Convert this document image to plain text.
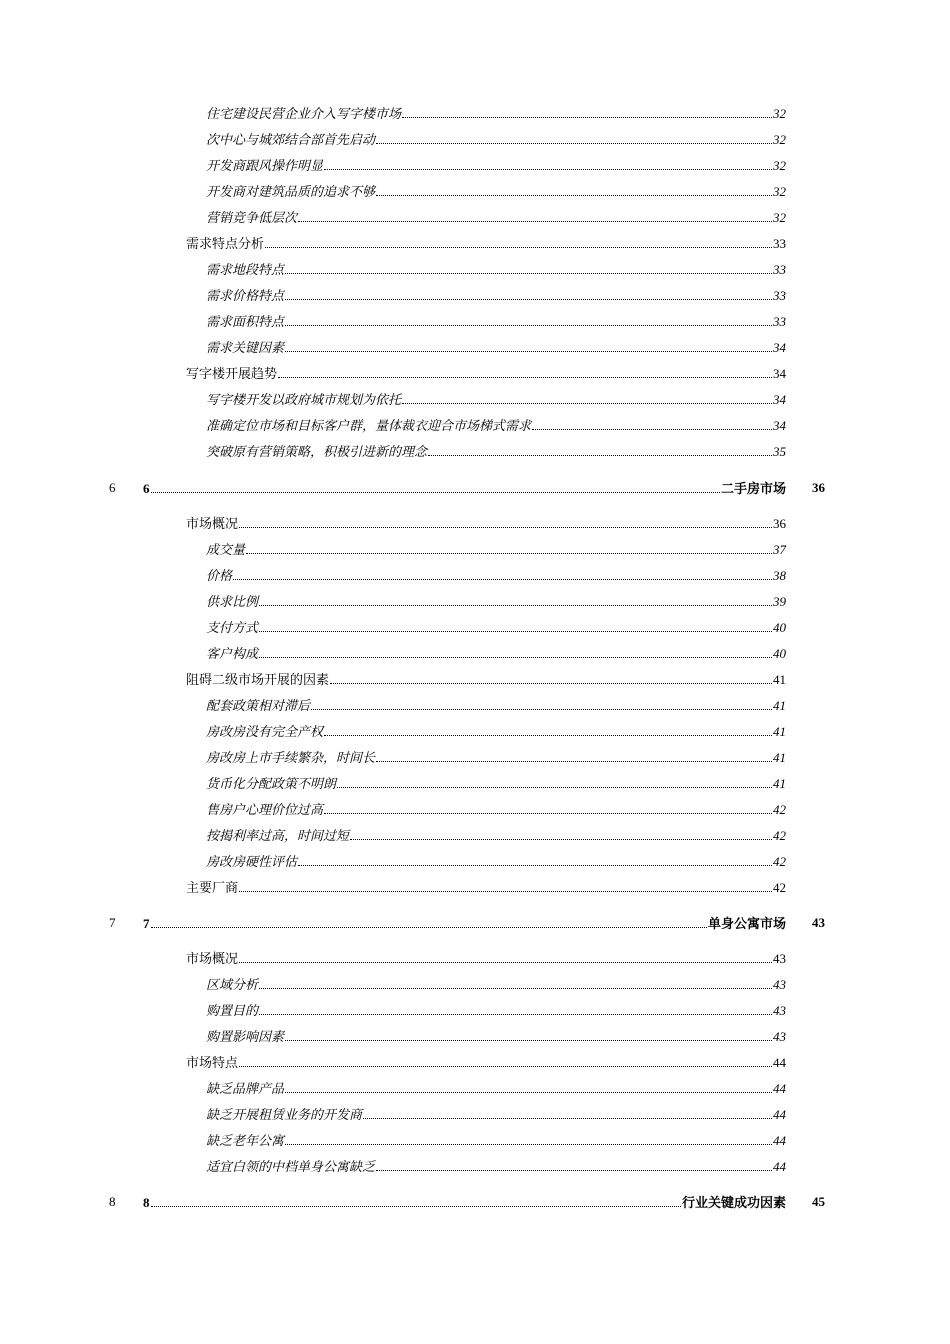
住宅建设民营企业介入写字楼市场	32
次中心与城郊结合部首先启动	32
开发商跟风操作明显	32
开发商对建筑品质的追求不够	32
营销竞争低层次	32
需求特点分析	33
需求地段特点	33
需求价格特点	33
需求面积特点	33
需求关键因素	34
写字楼开展趋势	34
写字楼开发以政府城市规划为依托	34
准确定位市场和目标客户群，量体裁衣迎合市场梯式需求	34
突破原有营销策略，积极引进新的理念	35
6 6	二手房市场 36
市场概况	36
成交量	37
价格	38
供求比例	39
支付方式	40
客户构成	40
阻碍二级市场开展的因素	41
配套政策相对滞后	41
房改房没有完全产权	41
房改房上市手续繁杂，时间长	41
货币化分配政策不明朗	41
售房户心理价位过高	42
按揭利率过高，时间过短	42
房改房硬性评估	42
主要厂商	42
7 7	单身公寓市场 43
市场概况	43
区域分析	43
购置目的	43
购置影响因素	43
市场特点	44
缺乏品牌产品	44
缺乏开展租赁业务的开发商	44
缺乏老年公寓	44
适宜白领的中档单身公寓缺乏	44
8 8	行业关键成功因素 45
